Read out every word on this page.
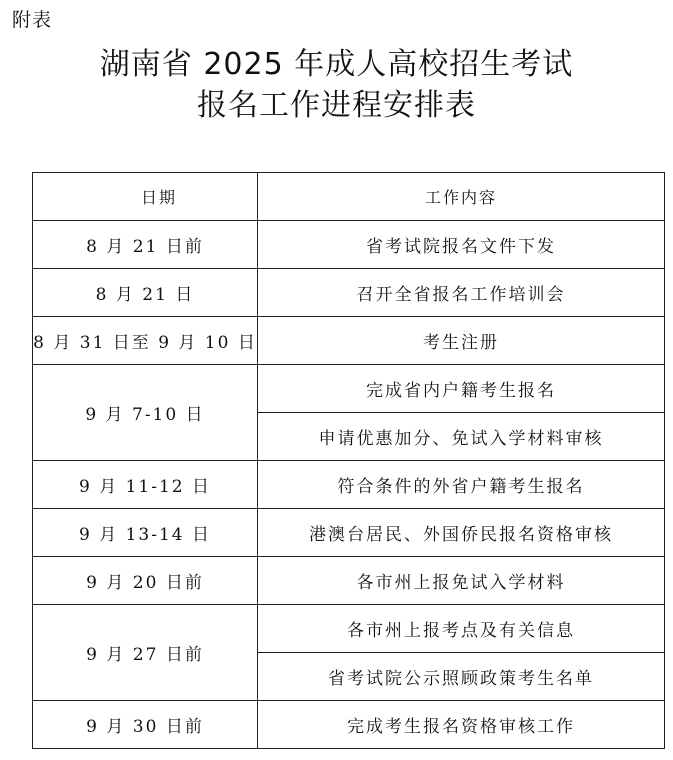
附表
湖南省 2025 年成人高校招生考试
报名工作进程安排表
日期	工作内容
8 月 21 日前	省考试院报名文件下发
8 月 21 日	召开全省报名工作培训会
8 月 31 日至 9 月 10 日	考生注册
9 月 7-10 日	完成省内户籍考生报名
	申请优惠加分、免试入学材料审核
9 月 11-12 日	符合条件的外省户籍考生报名
9 月 13-14 日	港澳台居民、外国侨民报名资格审核
9 月 20 日前	各市州上报免试入学材料
9 月 27 日前	各市州上报考点及有关信息
	省考试院公示照顾政策考生名单
9 月 30 日前	完成考生报名资格审核工作
